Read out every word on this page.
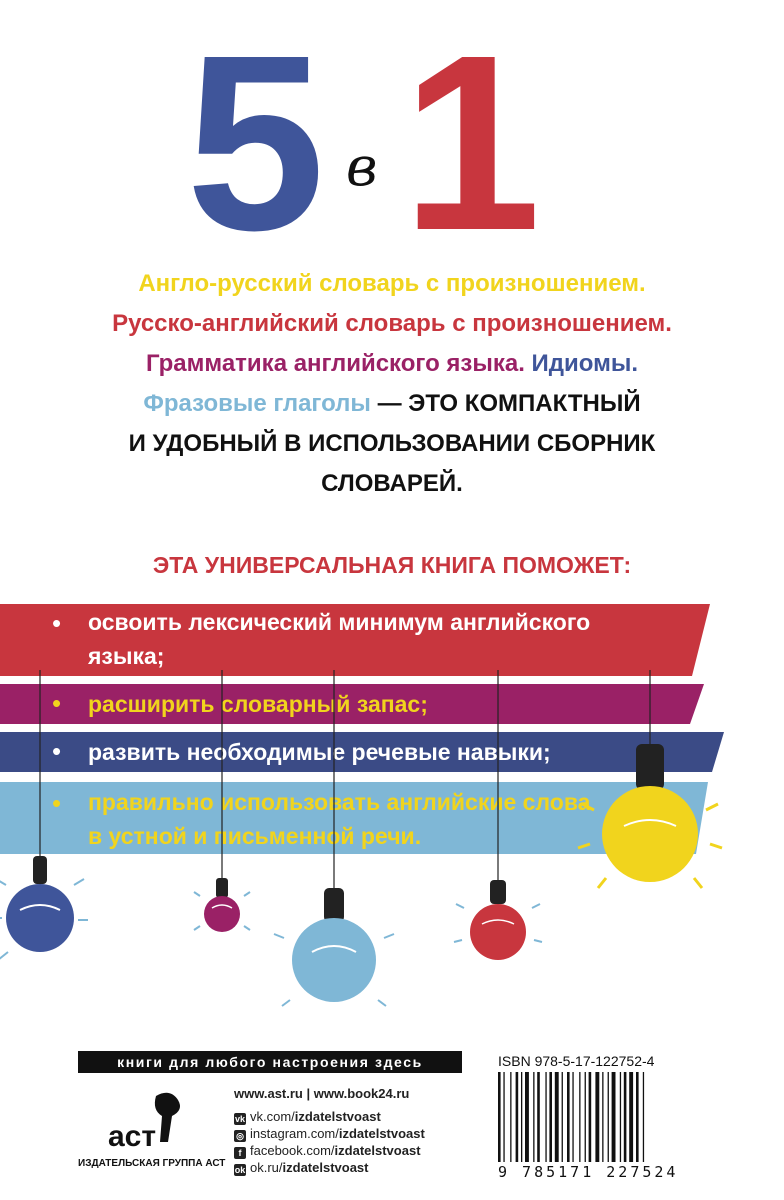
5 в 1

Англо-русский словарь с произношением.

Русско-английский словарь с произношением.

Грамматика английского языка. Идиомы.

Фразовые глаголы — ЭТО КОМПАКТНЫЙ

И УДОБНЫЙ В ИСПОЛЬЗОВАНИИ СБОРНИК

СЛОВАРЕЙ.

ЭТА УНИВЕРСАЛЬНАЯ КНИГА ПОМОЖЕТ:
• освоить лексический минимум английского
языка;
• расширить словарный запас;
• развить необходимые речевые навыки;
• правильно использовать английские слова
в устной и письменной речи.
книги для любого настроения здесь
аст
ИЗДАТЕЛЬСКАЯ ГРУППА АСТ
www.ast.ru | www.book24.ru
vk vk.com/izdatelstvoast
◎ instagram.com/izdatelstvoast
f facebook.com/izdatelstvoast
ok ok.ru/izdatelstvoast
ISBN 978-5-17-122752-4
9 785171 227524
